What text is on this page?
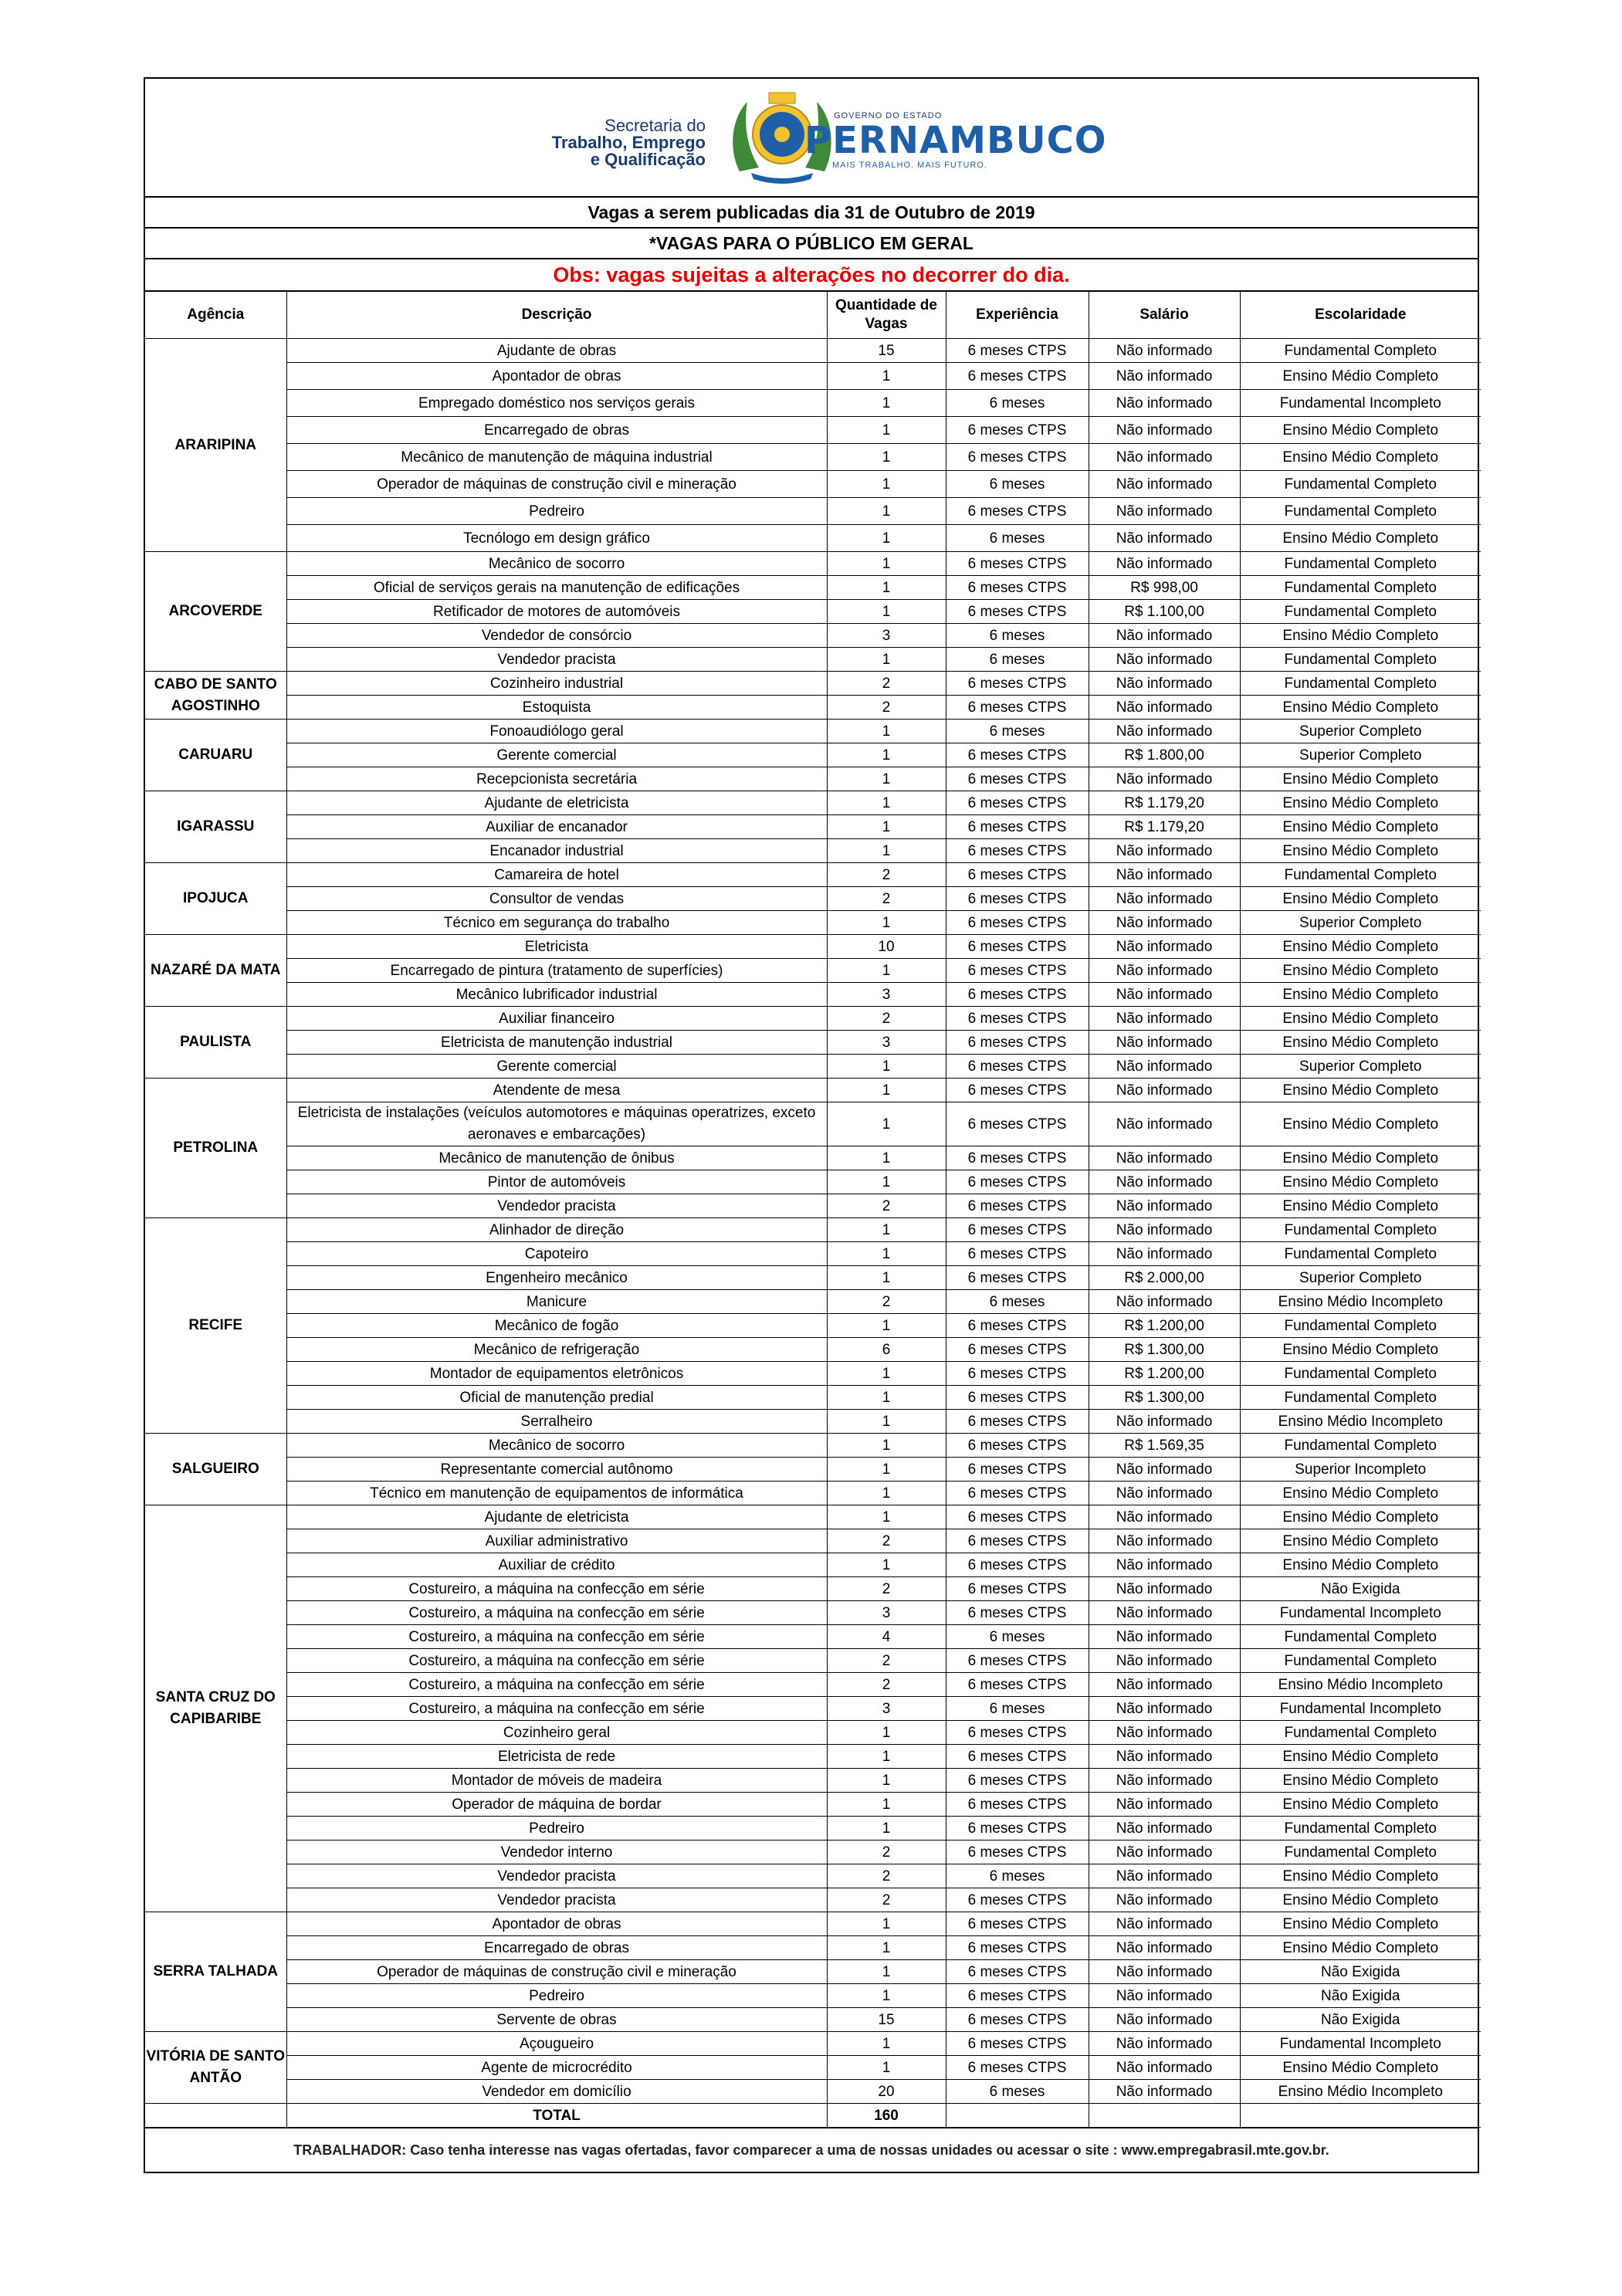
Secretaria do
Trabalho, Emprego
e Qualificação
GOVERNO DO ESTADO
PERNAMBUCO
MAIS TRABALHO. MAIS FUTURO.
Vagas a serem publicadas dia 31 de Outubro de 2019
*VAGAS PARA O PÚBLICO EM GERAL
Obs: vagas sujeitas a alterações no decorrer do dia.
Agência	Descrição	Quantidade de Vagas	Experiência	Salário	Escolaridade
ARARIPINA	Ajudante de obras	15	6 meses CTPS	Não informado	Fundamental Completo
	Apontador de obras	1	6 meses CTPS	Não informado	Ensino Médio Completo
	Empregado doméstico nos serviços gerais	1	6 meses	Não informado	Fundamental Incompleto
	Encarregado de obras	1	6 meses CTPS	Não informado	Ensino Médio Completo
	Mecânico de manutenção de máquina industrial	1	6 meses CTPS	Não informado	Ensino Médio Completo
	Operador de máquinas de construção civil e mineração	1	6 meses	Não informado	Fundamental Completo
	Pedreiro	1	6 meses CTPS	Não informado	Fundamental Completo
	Tecnólogo em design gráfico	1	6 meses	Não informado	Ensino Médio Completo
ARCOVERDE	Mecânico de socorro	1	6 meses CTPS	Não informado	Fundamental Completo
	Oficial de serviços gerais na manutenção de edificações	1	6 meses CTPS	R$ 998,00	Fundamental Completo
	Retificador de motores de automóveis	1	6 meses CTPS	R$ 1.100,00	Fundamental Completo
	Vendedor de consórcio	3	6 meses	Não informado	Ensino Médio Completo
	Vendedor pracista	1	6 meses	Não informado	Fundamental Completo
CABO DE SANTO AGOSTINHO	Cozinheiro industrial	2	6 meses CTPS	Não informado	Fundamental Completo
	Estoquista	2	6 meses CTPS	Não informado	Ensino Médio Completo
CARUARU	Fonoaudiólogo geral	1	6 meses	Não informado	Superior Completo
	Gerente comercial	1	6 meses CTPS	R$ 1.800,00	Superior Completo
	Recepcionista secretária	1	6 meses CTPS	Não informado	Ensino Médio Completo
IGARASSU	Ajudante de eletricista	1	6 meses CTPS	R$ 1.179,20	Ensino Médio Completo
	Auxiliar de encanador	1	6 meses CTPS	R$ 1.179,20	Ensino Médio Completo
	Encanador industrial	1	6 meses CTPS	Não informado	Ensino Médio Completo
IPOJUCA	Camareira de hotel	2	6 meses CTPS	Não informado	Fundamental Completo
	Consultor de vendas	2	6 meses CTPS	Não informado	Ensino Médio Completo
	Técnico em segurança do trabalho	1	6 meses CTPS	Não informado	Superior Completo
NAZARÉ DA MATA	Eletricista	10	6 meses CTPS	Não informado	Ensino Médio Completo
	Encarregado de pintura (tratamento de superfícies)	1	6 meses CTPS	Não informado	Ensino Médio Completo
	Mecânico lubrificador industrial	3	6 meses CTPS	Não informado	Ensino Médio Completo
PAULISTA	Auxiliar financeiro	2	6 meses CTPS	Não informado	Ensino Médio Completo
	Eletricista de manutenção industrial	3	6 meses CTPS	Não informado	Ensino Médio Completo
	Gerente comercial	1	6 meses CTPS	Não informado	Superior Completo
PETROLINA	Atendente de mesa	1	6 meses CTPS	Não informado	Ensino Médio Completo
	Eletricista de instalações (veículos automotores e máquinas operatrizes, exceto aeronaves e embarcações)	1	6 meses CTPS	Não informado	Ensino Médio Completo
	Mecânico de manutenção de ônibus	1	6 meses CTPS	Não informado	Ensino Médio Completo
	Pintor de automóveis	1	6 meses CTPS	Não informado	Ensino Médio Completo
	Vendedor pracista	2	6 meses CTPS	Não informado	Ensino Médio Completo
RECIFE	Alinhador de direção	1	6 meses CTPS	Não informado	Fundamental Completo
	Capoteiro	1	6 meses CTPS	Não informado	Fundamental Completo
	Engenheiro mecânico	1	6 meses CTPS	R$ 2.000,00	Superior Completo
	Manicure	2	6 meses	Não informado	Ensino Médio Incompleto
	Mecânico de fogão	1	6 meses CTPS	R$ 1.200,00	Fundamental Completo
	Mecânico de refrigeração	6	6 meses CTPS	R$ 1.300,00	Ensino Médio Completo
	Montador de equipamentos eletrônicos	1	6 meses CTPS	R$ 1.200,00	Fundamental Completo
	Oficial de manutenção predial	1	6 meses CTPS	R$ 1.300,00	Fundamental Completo
	Serralheiro	1	6 meses CTPS	Não informado	Ensino Médio Incompleto
SALGUEIRO	Mecânico de socorro	1	6 meses CTPS	R$ 1.569,35	Fundamental Completo
	Representante comercial autônomo	1	6 meses CTPS	Não informado	Superior Incompleto
	Técnico em manutenção de equipamentos de informática	1	6 meses CTPS	Não informado	Ensino Médio Completo
SANTA CRUZ DO CAPIBARIBE	Ajudante de eletricista	1	6 meses CTPS	Não informado	Ensino Médio Completo
	Auxiliar administrativo	2	6 meses CTPS	Não informado	Ensino Médio Completo
	Auxiliar de crédito	1	6 meses CTPS	Não informado	Ensino Médio Completo
	Costureiro, a máquina na confecção em série	2	6 meses CTPS	Não informado	Não Exigida
	Costureiro, a máquina na confecção em série	3	6 meses CTPS	Não informado	Fundamental Incompleto
	Costureiro, a máquina na confecção em série	4	6 meses	Não informado	Fundamental Completo
	Costureiro, a máquina na confecção em série	2	6 meses CTPS	Não informado	Fundamental Completo
	Costureiro, a máquina na confecção em série	2	6 meses CTPS	Não informado	Ensino Médio Incompleto
	Costureiro, a máquina na confecção em série	3	6 meses	Não informado	Fundamental Incompleto
	Cozinheiro geral	1	6 meses CTPS	Não informado	Fundamental Completo
	Eletricista de rede	1	6 meses CTPS	Não informado	Ensino Médio Completo
	Montador de móveis de madeira	1	6 meses CTPS	Não informado	Ensino Médio Completo
	Operador de máquina de bordar	1	6 meses CTPS	Não informado	Ensino Médio Completo
	Pedreiro	1	6 meses CTPS	Não informado	Fundamental Completo
	Vendedor interno	2	6 meses CTPS	Não informado	Fundamental Completo
	Vendedor pracista	2	6 meses	Não informado	Ensino Médio Completo
	Vendedor pracista	2	6 meses CTPS	Não informado	Ensino Médio Completo
SERRA TALHADA	Apontador de obras	1	6 meses CTPS	Não informado	Ensino Médio Completo
	Encarregado de obras	1	6 meses CTPS	Não informado	Ensino Médio Completo
	Operador de máquinas de construção civil e mineração	1	6 meses CTPS	Não informado	Não Exigida
	Pedreiro	1	6 meses CTPS	Não informado	Não Exigida
	Servente de obras	15	6 meses CTPS	Não informado	Não Exigida
VITÓRIA DE SANTO ANTÃO	Açougueiro	1	6 meses CTPS	Não informado	Fundamental Incompleto
	Agente de microcrédito	1	6 meses CTPS	Não informado	Ensino Médio Completo
	Vendedor em domicílio	20	6 meses	Não informado	Ensino Médio Incompleto
	TOTAL	160			
TRABALHADOR: Caso tenha interesse nas vagas ofertadas, favor comparecer a uma de nossas unidades ou acessar o site : www.empregabrasil.mte.gov.br.
